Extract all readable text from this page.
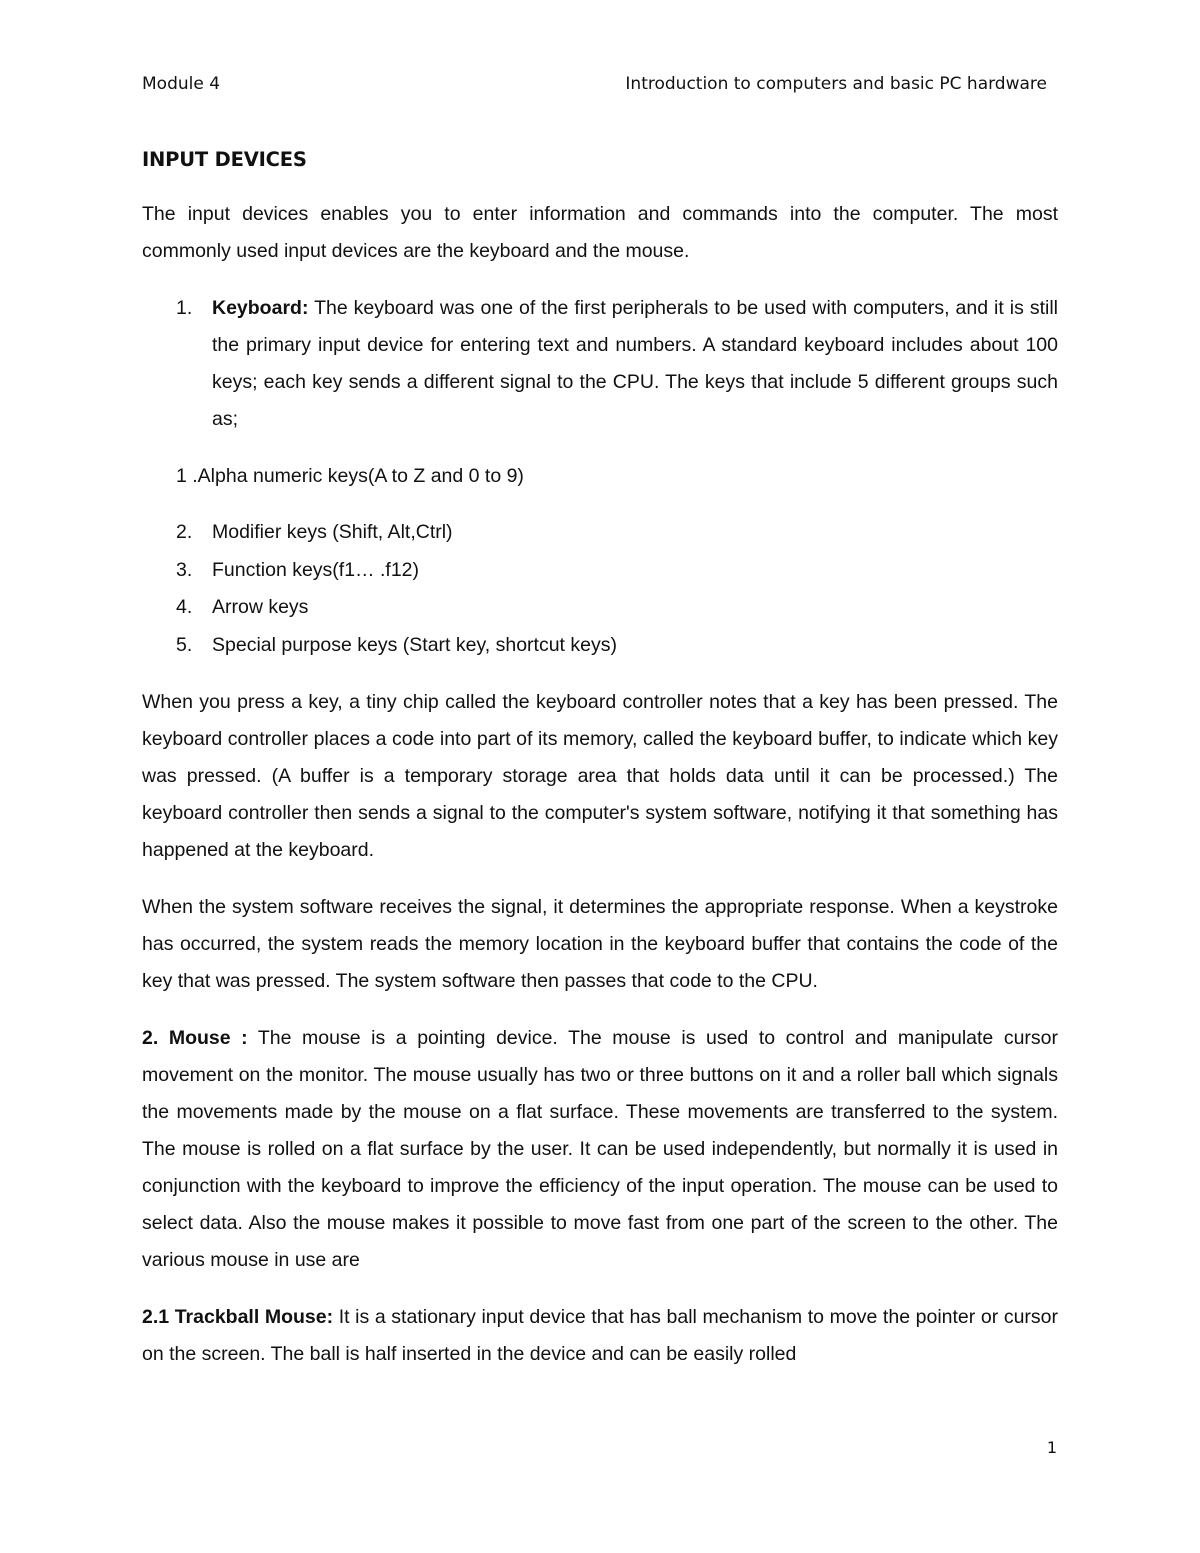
Module 4	Introduction to computers and basic PC hardware
INPUT DEVICES

The input devices enables you to enter information and commands into the computer. The most commonly used input devices are the keyboard and the mouse.

1. Keyboard: The keyboard was one of the first peripherals to be used with computers, and it is still the primary input device for entering text and numbers. A standard keyboard includes about 100 keys; each key sends a different signal to the CPU. The keys that include 5 different groups such as;
1 .Alpha numeric keys(A to Z and 0 to 9)
2. Modifier keys (Shift, Alt,Ctrl)
3. Function keys(f1… .f12)
4. Arrow keys
5. Special purpose keys (Start key, shortcut keys)

When you press a key, a tiny chip called the keyboard controller notes that a key has been pressed. The keyboard controller places a code into part of its memory, called the keyboard buffer, to indicate which key was pressed. (A buffer is a temporary storage area that holds data until it can be processed.) The keyboard controller then sends a signal to the computer's system software, notifying it that something has happened at the keyboard.

When the system software receives the signal, it determines the appropriate response. When a keystroke has occurred, the system reads the memory location in the keyboard buffer that contains the code of the key that was pressed. The system software then passes that code to the CPU.

2. Mouse : The mouse is a pointing device. The mouse is used to control and manipulate cursor movement on the monitor. The mouse usually has two or three buttons on it and a roller ball which signals the movements made by the mouse on a flat surface. These movements are transferred to the system. The mouse is rolled on a flat surface by the user. It can be used independently, but normally it is used in conjunction with the keyboard to improve the efficiency of the input operation. The mouse can be used to select data. Also the mouse makes it possible to move fast from one part of the screen to the other. The various mouse in use are

2.1 Trackball Mouse: It is a stationary input device that has ball mechanism to move the pointer or cursor on the screen. The ball is half inserted in the device and can be easily rolled

1
